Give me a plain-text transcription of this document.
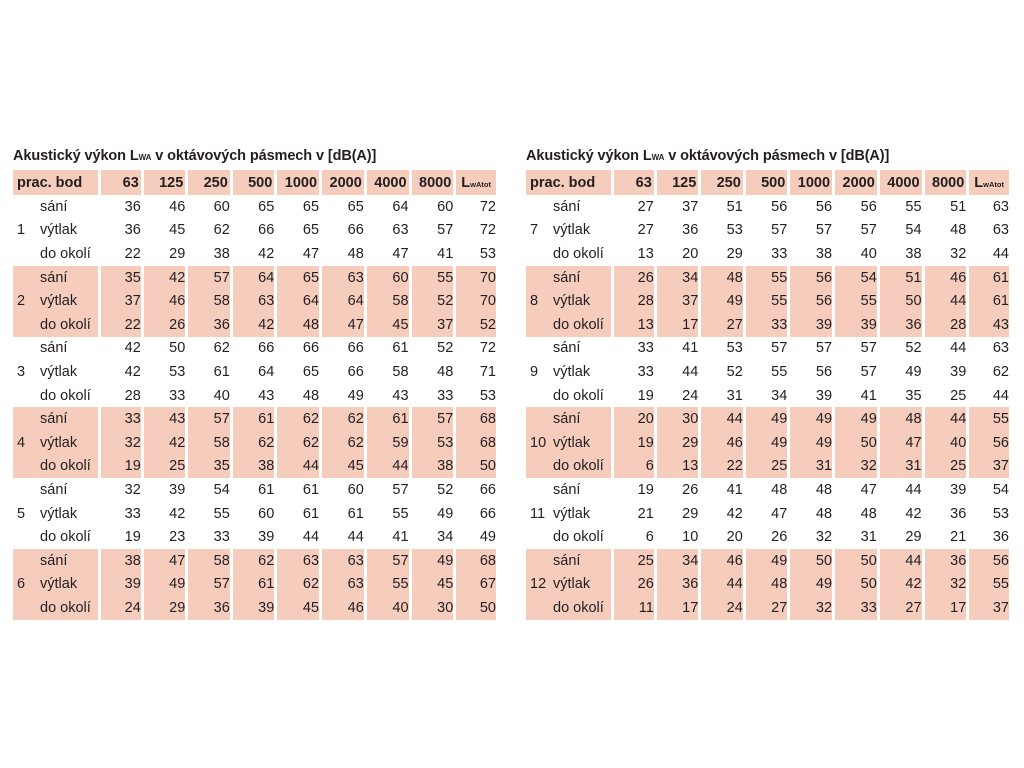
Akustický výkon LWA v oktávových pásmech v [dB(A)]
prac. bod	63	125	250	500	1000	2000	4000	8000	LwAtot

sání	36	46	60	65	65	65	64	60	72

1 výtlak	36	45	62	66	65	66	63	57	72

do okolí	22	29	38	42	47	48	47	41	53

sání	35	42	57	64	65	63	60	55	70

2 výtlak	37	46	58	63	64	64	58	52	70

do okolí	22	26	36	42	48	47	45	37	52

sání	42	50	62	66	66	66	61	52	72

3 výtlak	42	53	61	64	65	66	58	48	71

do okolí	28	33	40	43	48	49	43	33	53

sání	33	43	57	61	62	62	61	57	68

4 výtlak	32	42	58	62	62	62	59	53	68

do okolí	19	25	35	38	44	45	44	38	50

sání	32	39	54	61	61	60	57	52	66

5 výtlak	33	42	55	60	61	61	55	49	66

do okolí	19	23	33	39	44	44	41	34	49

sání	38	47	58	62	63	63	57	49	68

6 výtlak	39	49	57	61	62	63	55	45	67

do okolí	24	29	36	39	45	46	40	30	50
Akustický výkon LWA v oktávových pásmech v [dB(A)]
prac. bod	63	125	250	500	1000	2000	4000	8000	LwAtot

sání	27	37	51	56	56	56	55	51	63

7 výtlak	27	36	53	57	57	57	54	48	63

do okolí	13	20	29	33	38	40	38	32	44

sání	26	34	48	55	56	54	51	46	61

8 výtlak	28	37	49	55	56	55	50	44	61

do okolí	13	17	27	33	39	39	36	28	43

sání	33	41	53	57	57	57	52	44	63

9 výtlak	33	44	52	55	56	57	49	39	62

do okolí	19	24	31	34	39	41	35	25	44

sání	20	30	44	49	49	49	48	44	55

10 výtlak	19	29	46	49	49	50	47	40	56

do okolí	6	13	22	25	31	32	31	25	37

sání	19	26	41	48	48	47	44	39	54

11 výtlak	21	29	42	47	48	48	42	36	53

do okolí	6	10	20	26	32	31	29	21	36

sání	25	34	46	49	50	50	44	36	56

12 výtlak	26	36	44	48	49	50	42	32	55

do okolí	11	17	24	27	32	33	27	17	37
